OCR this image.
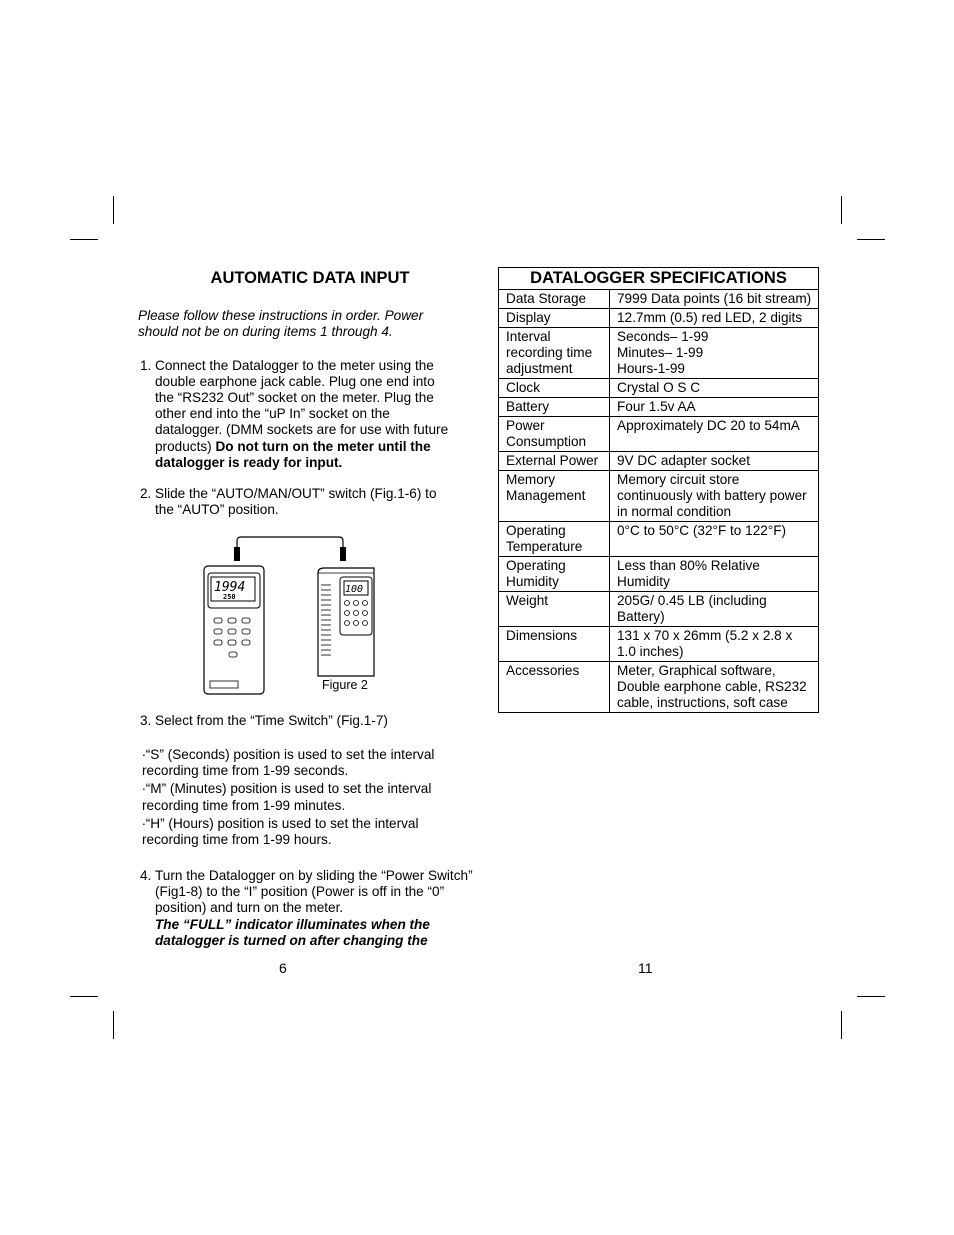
AUTOMATIC DATA INPUT

Please follow these instructions in order. Power should not be on during items 1 through 4.

1. Connect the Datalogger to the meter using the double earphone jack cable. Plug one end into the “RS232 Out” socket on the meter. Plug the other end into the “uP In” socket on the datalogger. (DMM sockets are for use with future products) Do not turn on the meter until the datalogger is ready for input.
2. Slide the “AUTO/MAN/OUT” switch (Fig.1-6) to the “AUTO” position.
3. Select from the “Time Switch” (Fig.1-7)
∙“S” (Seconds) position is used to set the interval recording time from 1-99 seconds.
∙“M” (Minutes) position is used to set the interval recording time from 1-99 minutes.
∙“H” (Hours) position is used to set the interval recording time from 1-99 hours.
4. Turn the Datalogger on by sliding the “Power Switch” (Fig1-8) to the “I” position (Power is off in the “0” position) and turn on the meter.
The “FULL” indicator illuminates when the datalogger is turned on after changing the
1994
250
100
Figure 2
6
DATALOGGER SPECIFICATIONS	
Data Storage	7999 Data points (16 bit stream)
Display	12.7mm (0.5) red LED, 2 digits
Interval recording time adjustment	Seconds– 1-99
Minutes– 1-99
Hours-1-99
Clock	Crystal O S C
Battery	Four 1.5v AA
Power Consumption	Approximately DC 20 to 54mA
External Power	9V DC adapter socket
Memory Management	Memory circuit store continuously with battery power in normal condition
Operating Temperature	0°C to 50°C (32°F to 122°F)
Operating Humidity	Less than 80% Relative Humidity
Weight	205G/ 0.45 LB (including Battery)
Dimensions	131 x 70 x 26mm (5.2 x 2.8 x 1.0 inches)
Accessories	Meter, Graphical software, Double earphone cable, RS232 cable, instructions, soft case
11
